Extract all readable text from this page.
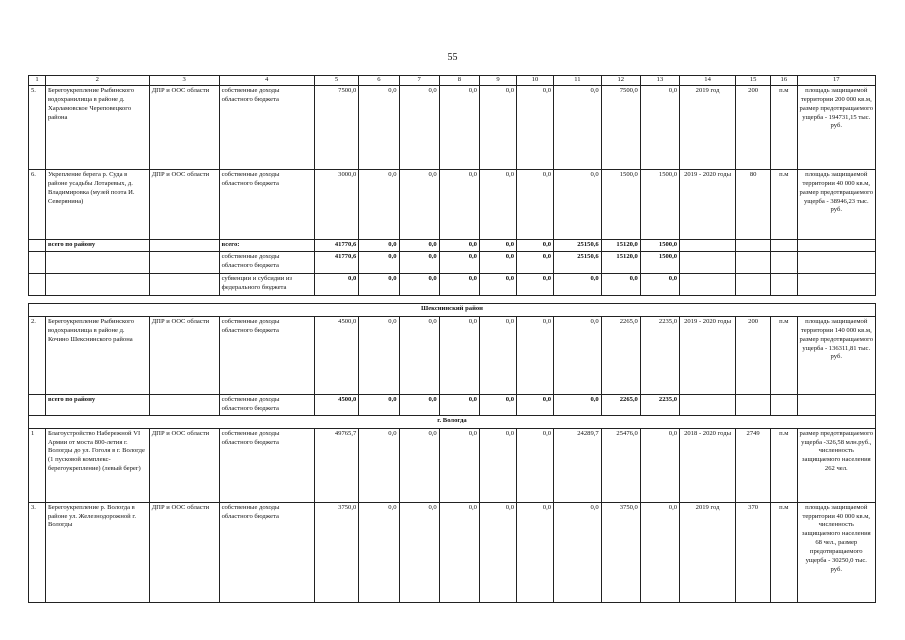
55
1	2	3	4	5	6	7	8	9	10	11	12	13	14	15	16	17
5.	Берегоукрепление Рыбинского водохранилища в районе д. Харламовское Череповецкого района	ДПР и ООС области	собственные доходы областного бюджета	7500,0	0,0	0,0	0,0	0,0	0,0	0,0	7500,0	0,0	2019 год	200	п.м	площадь защищаемой территории 200 000 кв.м, размер предотвращаемого ущерба - 194731,15 тыс. руб.
6.	Укрепление берега р. Суда в районе усадьбы Лотаревых, д. Владимировка (музей поэта И. Северянина)	ДПР и ООС области	собственные доходы областного бюджета	3000,0	0,0	0,0	0,0	0,0	0,0	0,0	1500,0	1500,0	2019 - 2020 годы	80	п.м	площадь защищаемой территории 40 000 кв.м, размер предотвращаемого ущерба - 38946,23 тыс. руб.
	всего по району		всего:	41770,6	0,0	0,0	0,0	0,0	0,0	25150,6	15120,0	1500,0				
			собственные доходы областного бюджета	41770,6	0,0	0,0	0,0	0,0	0,0	25150,6	15120,0	1500,0				
			субвенции и субсидии из федерального бюджета	0,0	0,0	0,0	0,0	0,0	0,0	0,0	0,0	0,0				

Шекснинский район																
2.	Берегоукрепление Рыбинского водохранилища в районе д. Кочино Шекснинского района	ДПР и ООС области	собственные доходы областного бюджета	4500,0	0,0	0,0	0,0	0,0	0,0	0,0	2265,0	2235,0	2019 - 2020 годы	200	п.м	площадь защищаемой территории 140 000 кв.м, размер предотвращаемого ущерба - 136311,81 тыс. руб.
	всего по району		собственные доходы областного бюджета	4500,0	0,0	0,0	0,0	0,0	0,0	0,0	2265,0	2235,0				
г. Вологда																
1	Благоустройство Набережной VI Армии от моста 800-летия г. Вологды до ул. Гоголя в г. Вологде (1 пусковой комплекс-берегоукрепление) (левый берег)	ДПР и ООС области	собственные доходы областного бюджета	49765,7	0,0	0,0	0,0	0,0	0,0	24289,7	25476,0	0,0	2018 - 2020 годы	2749	п.м	размер предотвращаемого ущерба -326,58 млн.руб., численность защищаемого населения 262 чел.
3.	Берегоукрепление р. Вологда в районе ул. Железнодорожной г. Вологды	ДПР и ООС области	собственные доходы областного бюджета	3750,0	0,0	0,0	0,0	0,0	0,0	0,0	3750,0	0,0	2019 год	370	п.м	площадь защищаемой территории 40 000 кв.м, численность защищаемого населения 68 чел., размер предотвращаемого ущерба - 30250,0 тыс. руб.
